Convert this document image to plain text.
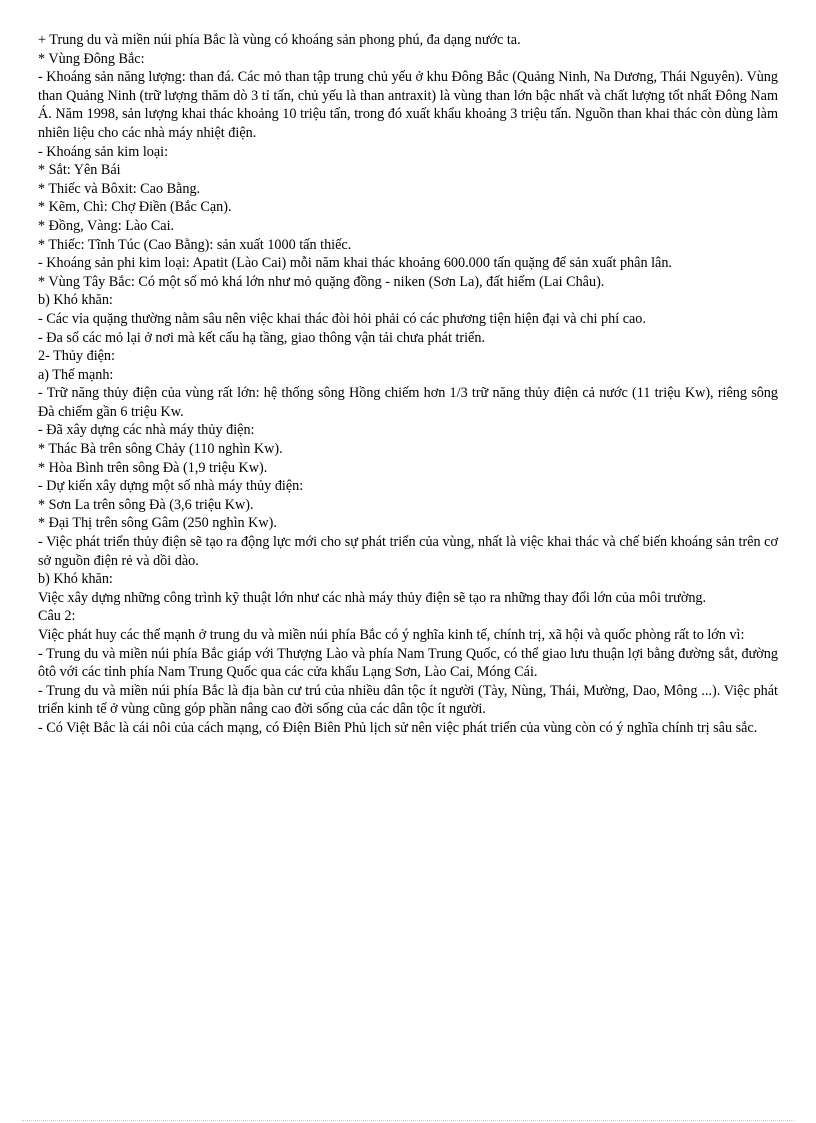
+ Trung du và miền núi phía Bắc là vùng có khoáng sản phong phú, đa dạng nước ta.

* Vùng Đông Bắc:

- Khoáng sản năng lượng: than đá. Các mỏ than tập trung chủ yếu ở khu Đông Bắc (Quảng Ninh, Na Dương, Thái Nguyên). Vùng than Quảng Ninh (trữ lượng thăm dò 3 tỉ tấn, chủ yếu là than antraxit) là vùng than lớn bậc nhất và chất lượng tốt nhất Đông Nam Á. Năm 1998, sản lượng khai thác khoảng 10 triệu tấn, trong đó xuất khẩu khoảng 3 triệu tấn. Nguồn than khai thác còn dùng làm nhiên liệu cho các nhà máy nhiệt điện.

- Khoáng sản kim loại:

* Sắt: Yên Bái

* Thiếc và Bôxit: Cao Bằng.

* Kẽm, Chì: Chợ Điền (Bắc Cạn).

* Đồng, Vàng: Lào Cai.

* Thiếc: Tĩnh Túc (Cao Bằng): sản xuất 1000 tấn thiếc.

- Khoáng sản phi kim loại: Apatit (Lào Cai) mỗi năm khai thác khoảng 600.000 tấn quặng để sản xuất phân lân.

* Vùng Tây Bắc: Có một số mỏ khá lớn như mỏ quặng đồng - niken (Sơn La), đất hiếm (Lai Châu).

b) Khó khăn:

- Các vỉa quặng thường nằm sâu nên việc khai thác đòi hỏi phải có các phương tiện hiện đại và chi phí cao.

- Đa số các mỏ lại ở nơi mà kết cấu hạ tầng, giao thông vận tải chưa phát triển.

2- Thủy điện:

a) Thế mạnh:

- Trữ năng thủy điện của vùng rất lớn: hệ thống sông Hồng chiếm hơn 1/3 trữ năng thủy điện cả nước (11 triệu Kw), riêng sông Đà chiếm gần 6 triệu Kw.

- Đã xây dựng các nhà máy thủy điện:

* Thác Bà trên sông Chảy (110 nghìn Kw).

* Hòa Bình trên sông Đà (1,9 triệu Kw).

- Dự kiến xây dựng một số nhà máy thủy điện:

* Sơn La trên sông Đà (3,6 triệu Kw).

* Đại Thị trên sông Gâm (250 nghìn Kw).

- Việc phát triển thủy điện sẽ tạo ra động lực mới cho sự phát triển của vùng, nhất là việc khai thác và chế biến khoáng sản trên cơ sở nguồn điện rẻ và dồi dào.

b) Khó khăn:

Việc xây dựng những công trình kỹ thuật lớn như các nhà máy thủy điện sẽ tạo ra những thay đổi lớn của môi trường.

Câu 2:

Việc phát huy các thế mạnh ở trung du và miền núi phía Bắc có ý nghĩa kinh tế, chính trị, xã hội và quốc phòng rất to lớn vì:

- Trung du và miền núi phía Bắc giáp với Thượng Lào và phía Nam Trung Quốc, có thể giao lưu thuận lợi bằng đường sắt, đường ôtô với các tỉnh phía Nam Trung Quốc qua các cửa khẩu Lạng Sơn, Lào Cai, Móng Cái.

- Trung du và miền núi phía Bắc là địa bàn cư trú của nhiều dân tộc ít người (Tày, Nùng, Thái, Mường, Dao, Mông ...). Việc phát triển kinh tế ở vùng cũng góp phần nâng cao đời sống của các dân tộc ít người.

- Có Việt Bắc là cái nôi của cách mạng, có Điện Biên Phủ lịch sử nên việc phát triển của vùng còn có ý nghĩa chính trị sâu sắc.
